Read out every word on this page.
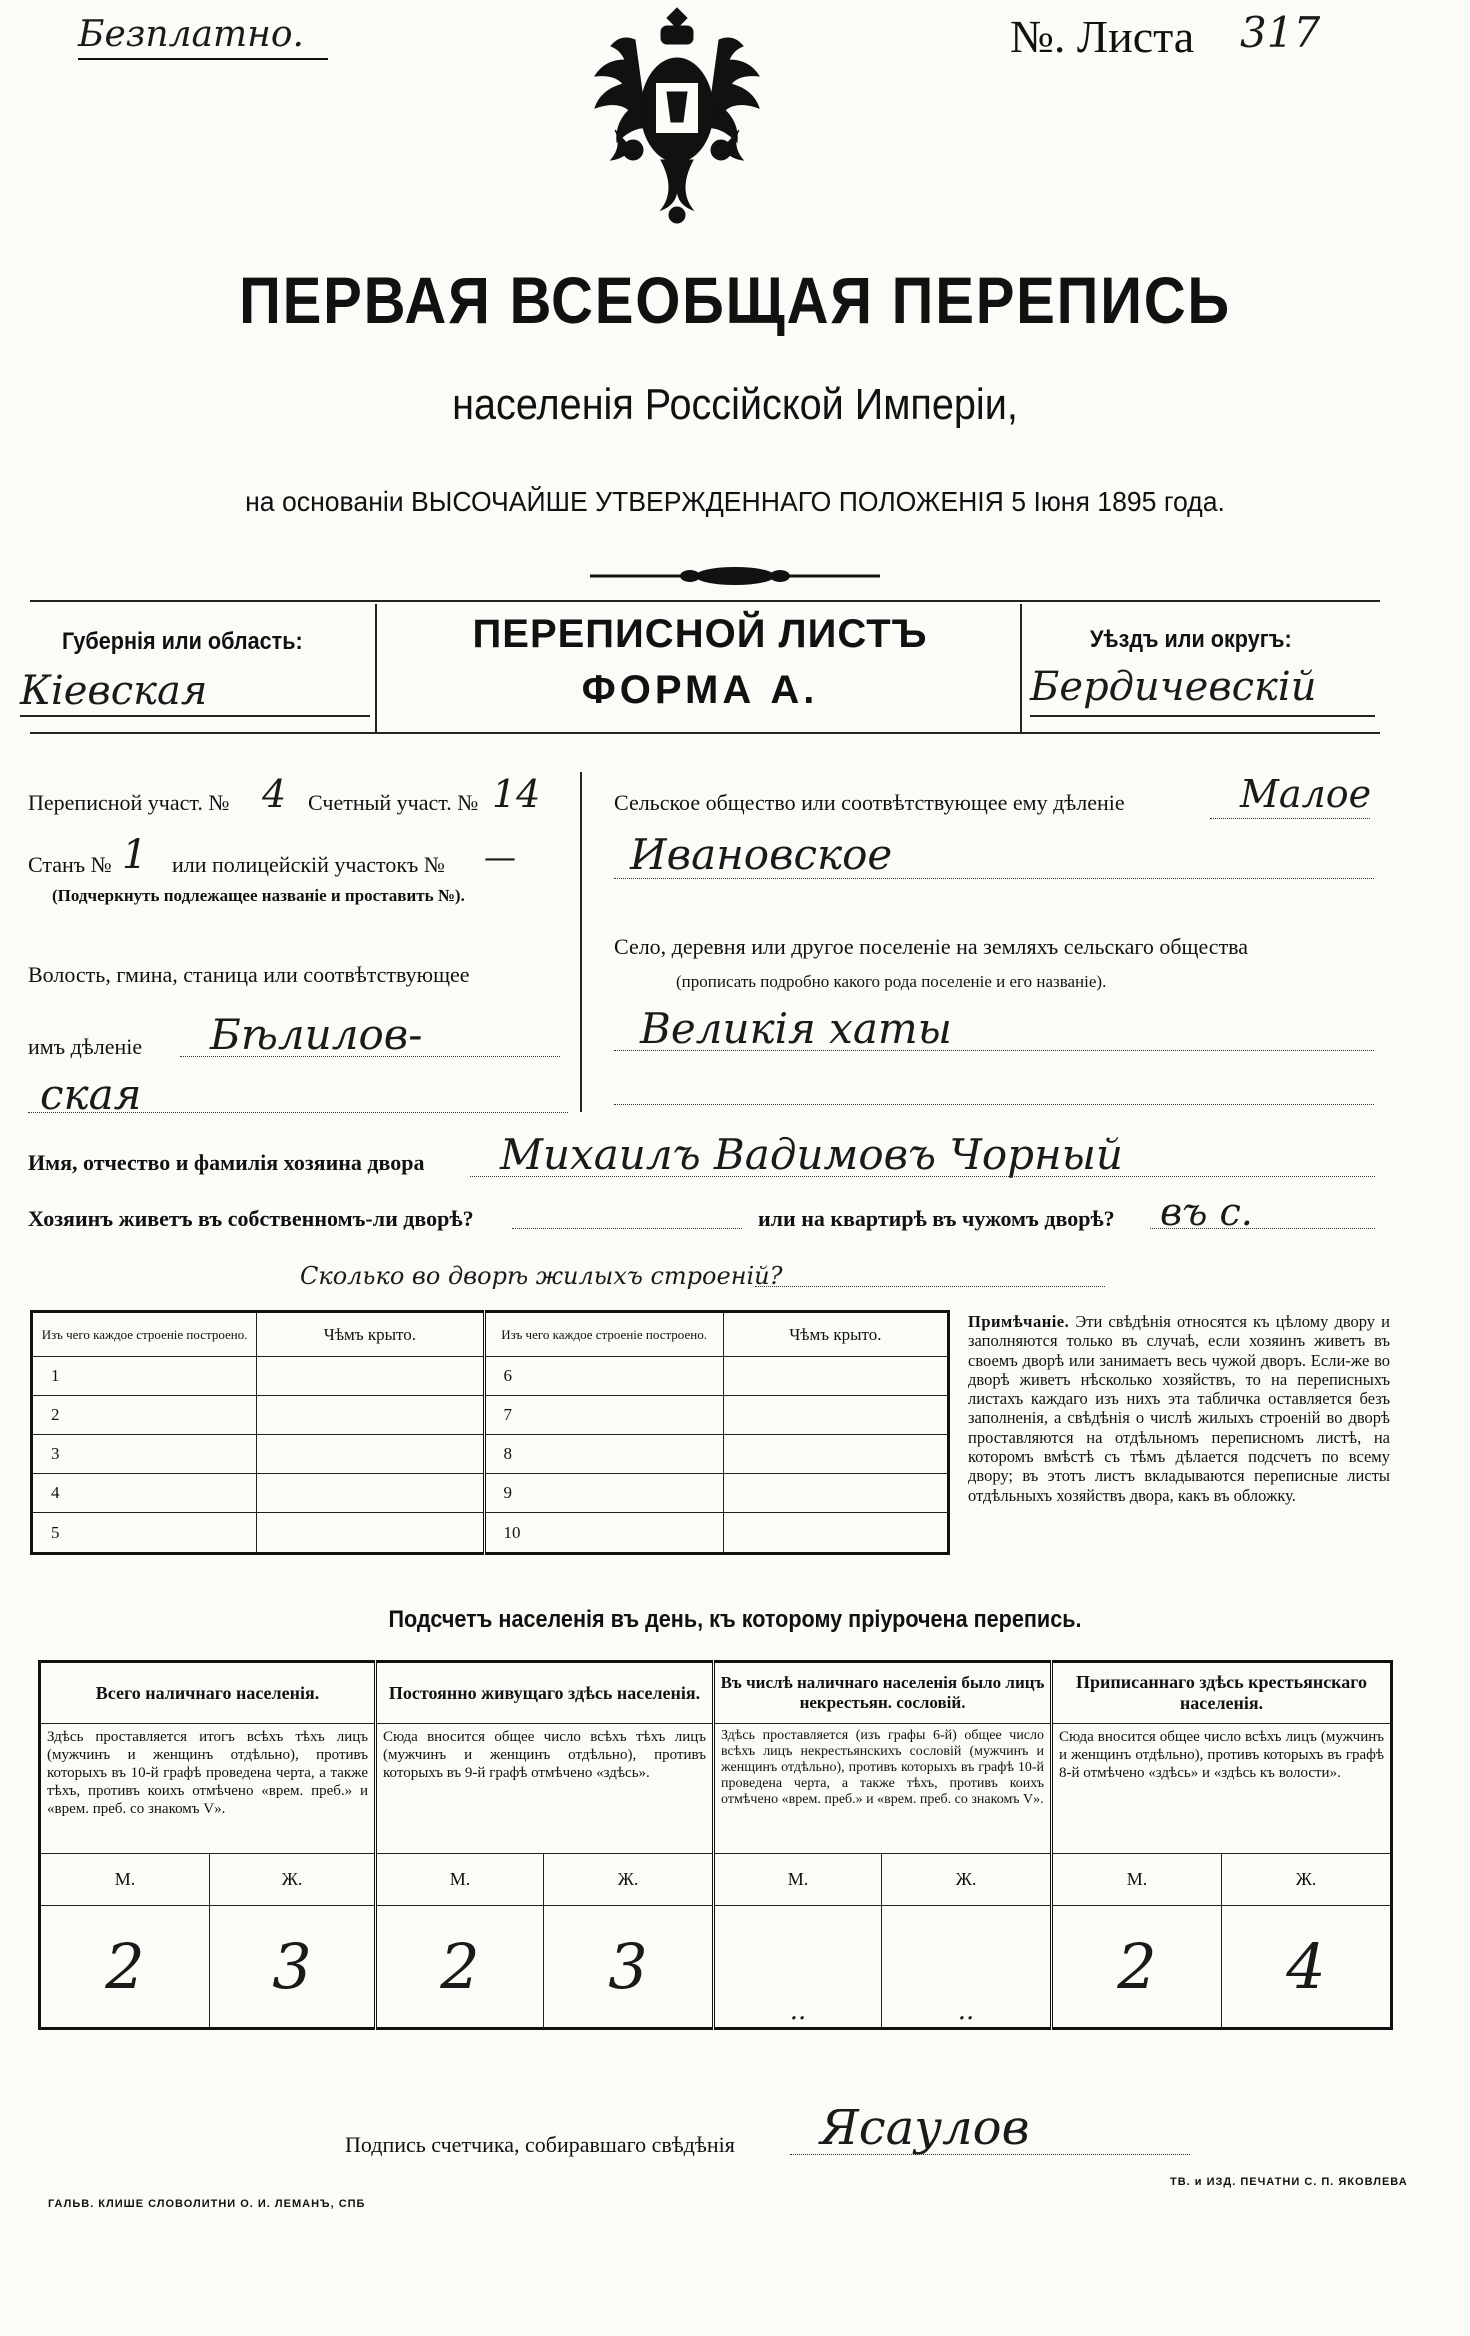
Безплатно.	№. Листа 317
ПЕРВАЯ ВСЕОБЩАЯ ПЕРЕПИСЬ
населенія Россійской Имперіи,
на основаніи ВЫСОЧАЙШЕ УТВЕРЖДЕННАГО ПОЛОЖЕНІЯ 5 Іюня 1895 года.
Губернія или область:
Кіевская
ПЕРЕПИСНОЙ ЛИСТЪ
ФОРМА А.
Уѣздъ или округъ:
Бердичевскій
Переписной участ. № 4 Счетный участ. № 14
Станъ № 1 или полицейскій участокъ № —
(Подчеркнуть подлежащее названіе и проставить №).
Волость, гмина, станица или соотвѣтствующее
имъ дѣленіе Бѣлилов-
ская
Сельское общество или соотвѣтствующее ему дѣленіе	Малое
Ивановское
Село, деревня или другое поселеніе на земляхъ сельскаго общества
(прописать подробно какого рода поселеніе и его названіе).
Великія хаты
Имя, отчество и фамилія хозяина двора Михаилъ Вадимовъ Чорный
Хозяинъ живетъ въ собственномъ-ли дворѣ?	или на квартирѣ въ чужомъ дворѣ? въ с.
Сколько во дворѣ жилыхъ строеній?
Изъ чего каждое строеніе построено.	Чѣмъ крыто.	Изъ чего каждое строеніе построено.	Чѣмъ крыто.
1		6	
2		7	
3		8	
4		9	
5		10	
Примѣчаніе. Эти свѣдѣнія относятся къ цѣлому двору и заполняются только въ случаѣ, если хозяинъ живетъ въ своемъ дворѣ или занимаетъ весь чужой дворъ. Если-же во дворѣ живетъ нѣсколько хозяйствъ, то на переписныхъ листахъ каждаго изъ нихъ эта табличка оставляется безъ заполненія, а свѣдѣнія о числѣ жилыхъ строеній во дворѣ проставляются на отдѣльномъ переписномъ листѣ, на которомъ вмѣстѣ съ тѣмъ дѣлается подсчетъ по всему двору; въ этотъ листъ вкладываются переписные листы отдѣльныхъ хозяйствъ двора, какъ въ обложку.
Подсчетъ населенія въ день, къ которому пріурочена перепись.
Всего наличнаго населенія.		Постоянно живущаго здѣсь населенія.		Въ числѣ наличнаго населенія было лицъ некрестьян. сословій.		Приписаннаго здѣсь крестьянскаго населенія.	
Здѣсь проставляется итогъ всѣхъ тѣхъ лицъ (мужчинъ и женщинъ отдѣльно), противъ которыхъ въ 10-й графѣ проведена черта, а также тѣхъ, противъ коихъ отмѣчено «врем. преб.» и «врем. преб. со знакомъ V».		Сюда вносится общее число всѣхъ тѣхъ лицъ (мужчинъ и женщинъ отдѣльно), противъ которыхъ въ 9-й графѣ отмѣчено «здѣсь».		Здѣсь проставляется (изъ графы 6-й) общее число всѣхъ лицъ некрестьянскихъ сословій (мужчинъ и женщинъ отдѣльно), противъ которыхъ въ графѣ 10-й проведена черта, а также тѣхъ, противъ коихъ отмѣчено «врем. преб.» и «врем. преб. со знакомъ V».		Сюда вносится общее число всѣхъ лицъ (мужчинъ и женщинъ отдѣльно), противъ которыхъ въ графѣ 8-й отмѣчено «здѣсь» и «здѣсь къ волости».	
М.	Ж.	М.	Ж.	М.	Ж.	М.	Ж.
2	3	2	3	..	..	2	4
Подпись счетчика, собиравшаго свѣдѣнія Ясаулов
ГАЛЬВ. КЛИШЕ СЛОВОЛИТНИ О. И. ЛЕМАНЪ, СПБ
ТВ. и ИЗД. ПЕЧАТНИ С. П. ЯКОВЛЕВА
